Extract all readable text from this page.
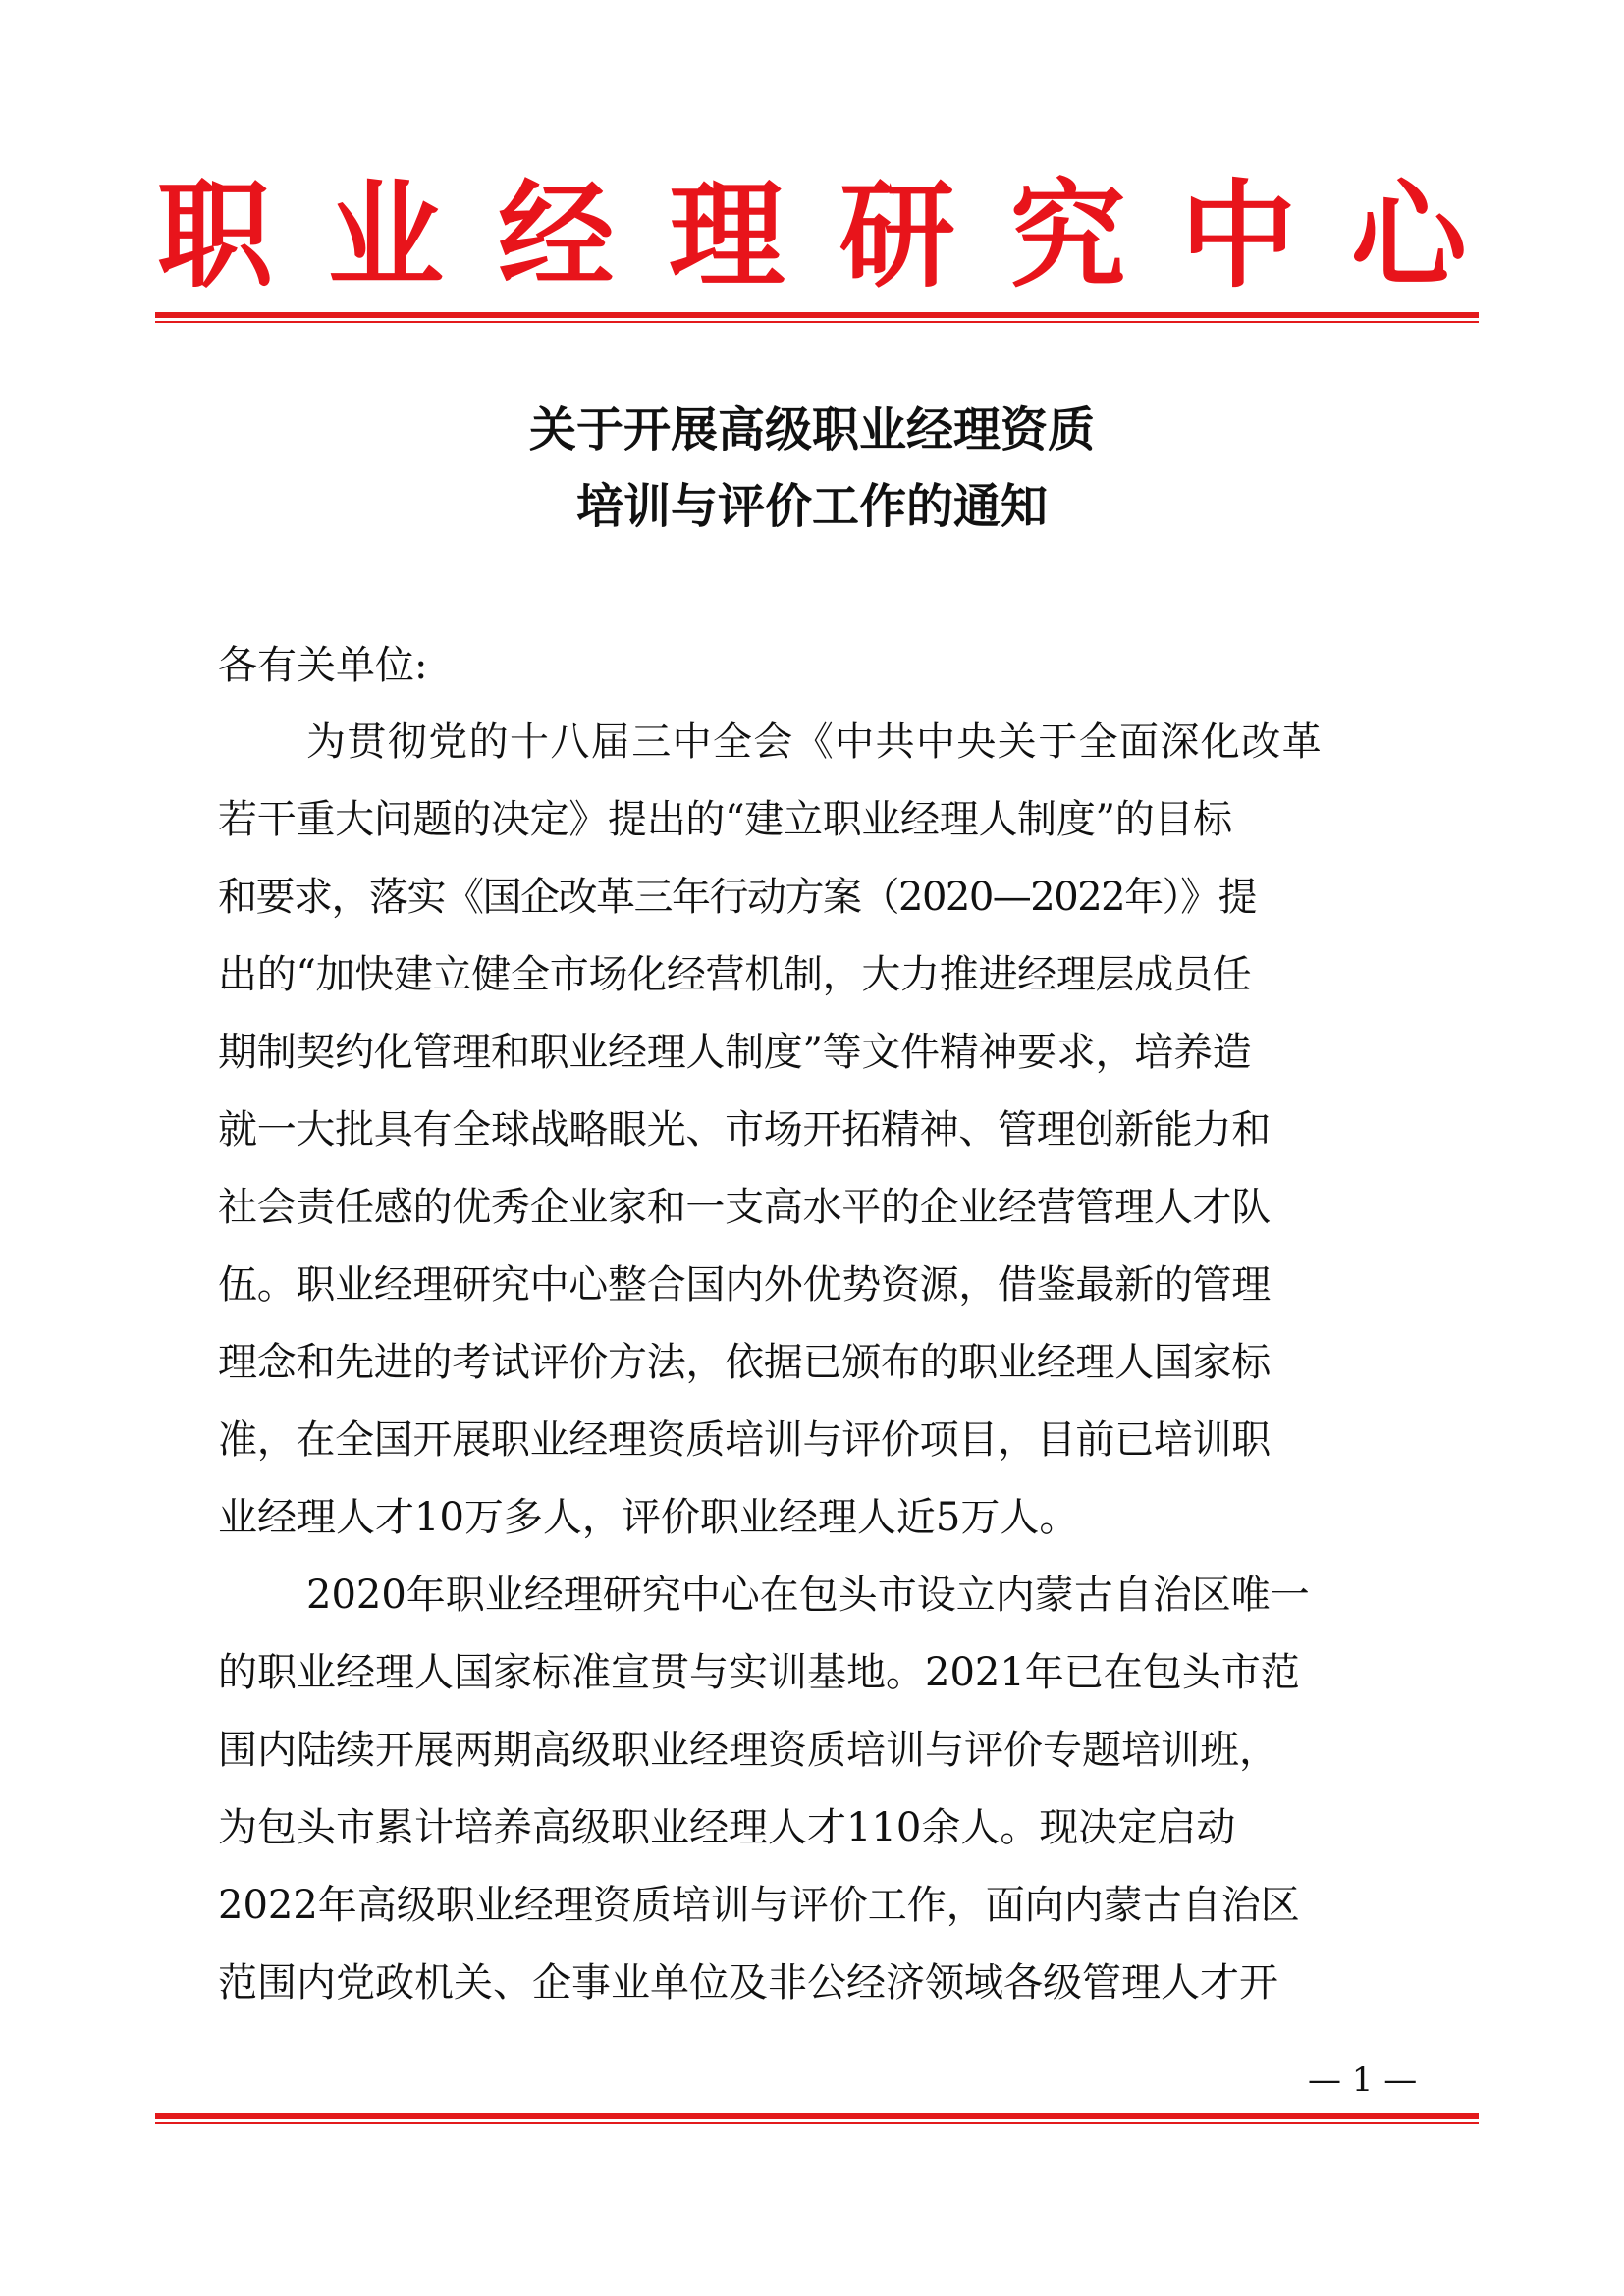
职 业 经 理 研 究 中 心
关于开展高级职业经理资质
培训与评价工作的通知
各有关单位:
为贯彻党的十八届三中全会《中共中央关于全面深化改革
若干重大问题的决定》提出的“建立职业经理人制度”的目标
和要求，落实《国企改革三年行动方案（2020—2022年）》提
出的“加快建立健全市场化经营机制，大力推进经理层成员任
期制契约化管理和职业经理人制度”等文件精神要求，培养造
就一大批具有全球战略眼光、市场开拓精神、管理创新能力和
社会责任感的优秀企业家和一支高水平的企业经营管理人才队
伍。职业经理研究中心整合国内外优势资源，借鉴最新的管理
理念和先进的考试评价方法，依据已颁布的职业经理人国家标
准，在全国开展职业经理资质培训与评价项目，目前已培训职
业经理人才10万多人，评价职业经理人近5万人。
2020年职业经理研究中心在包头市设立内蒙古自治区唯一
的职业经理人国家标准宣贯与实训基地。2021年已在包头市范
围内陆续开展两期高级职业经理资质培训与评价专题培训班，
为包头市累计培养高级职业经理人才110余人。现决定启动
2022年高级职业经理资质培训与评价工作，面向内蒙古自治区
范围内党政机关、企事业单位及非公经济领域各级管理人才开
— 1 —
